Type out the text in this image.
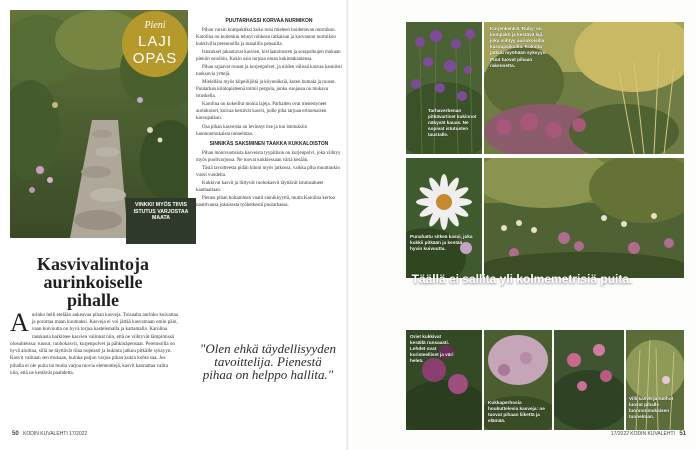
Pieni
LAJI
OPAS
VINKKI! MYÖS TIIVIS ISTUTUS VARJOSTAA MAATA
Kasvivalintoja aurinkoiselle pihalle
A urinko helli etelään aukeavaa pihan kasveja. Toisaalta aurinko kuivattaa ja porottaa maan kuumaksi. Kasveja ei voi jättää kasvamaan omin päin, vaan kuivuutta on hyvä torjua kastelemalla ja kattamalla. Karolina ranskasta harkitsee kasvien valinnat niin, että ne viihtyvät lämpimissä olosuhteissa: ruusut, ruohokasvit, kurjenpolvet ja pähkinäpensaat. Perennoilla on hyvä aloittaa, sillä ne täyttävät tilaa nopeasti ja kukinta jatkuu pitkälle syksyyn. Kasvit valitaan sen mukaan, kuinka paljon varjoa pihan kukin kohta saa. Jos pihalla ei ole puita tai muita varjoa tuovia elementtejä, kasvit kannattaa valita niin, että ne kestävät paahdetta.
PUUTARHASSI KORVAA NURMIKON

Pihan varsin kompaktiksi koko toisi mieleen hoidettavan nurmikon. Karolina on kuitenkin tehnyt rohkean ratkaisun ja korvannut nurmikon kukkivilla perennoilla ja matalilla pensailla.

Istutukset jakautuvat kasvien, kivilaatoitusten ja sorapolkujen mukaan pieniin osioihin. Kukin osio tarjoaa oman kukintakautensa.

Pihan rajaavat ruusut ja kurjenpolvet, ja niiden välissä kasvaa kauniisti tuoksuvia yrttejä.

Mielelläni myös kiipeilijöitä ja köynnöksiä, kuten humala ja ruusut. Puutarhan kiintopisteenä toimii pergola, jonka suojassa on mukava istuskella.

Karolina on kokeillut monia lajeja. Parhaiten ovat menestyneet aurinkoiset, kuivaa kestävät kasvit, joille piha tarjoaa erinomaisen kasvupaikan.

Osa pihan kasveista on levinnyt itse ja tuo istutuksiin luonnonmukaista tunnelmaa.

SINNIKÄS SAKSMINEN TAAKKA KUKKALOISTON

Pihan monivuotisista kasveista tyypillisin on kurjenpolvi, joka viihtyy myös puolivarjossa. Ne tuovat kukkiessaan väriä kesään.

Tästä tavoitteesta pidän kiinni myös jatkossa, vaikka piha muuttuukin vuosi vuodelta.

Kukkivat kasvit ja liittyvät ruohokasvit täyttävät istutusalueet kauttaaltaan.

Pienen pihan hoitaminen vaatii sinnikkyyttä, mutta Karolina kertoo nauttivansa jokaisesta työhetkestä puutarhassa.

"Olen ehkä täydellisyyden tavoittelija. Pienestä pihaa on helppo hallita."
50 KODIN KUVALEHTI 17/2022
Tarhaverbenan pitkävartiset kukinnot näkyvät kauas. Ne sopivat istutusten taustalle.
Kurjenkenkiä 'Ruby' on kompakti ja kestävä laji, joka viihtyy aurinkoisilla kasvupaikoilla. Kukinta jatkuu myöhään syksyyn. Puut tuovat pihaan rakennetta.
Punahattu sitkeä kasvi, joka kukkii pitkään ja kestää hyvin kuivuutta.
Täällä ei sallita yli kolmemetrisiä puita.
Oriet kukkivat kesällä runsaasti. Lehdet ovat koristeelliset ja väri heleä.
Kukkaperhosia houkuttelevia kasveja: ne tuovat pihaan liikettä ja elämää.
Villi kasvit ja ruohot luovat pihalle luonnonmukaisen tunnelman.
17/2022 KODIN KUVALEHTI 51
